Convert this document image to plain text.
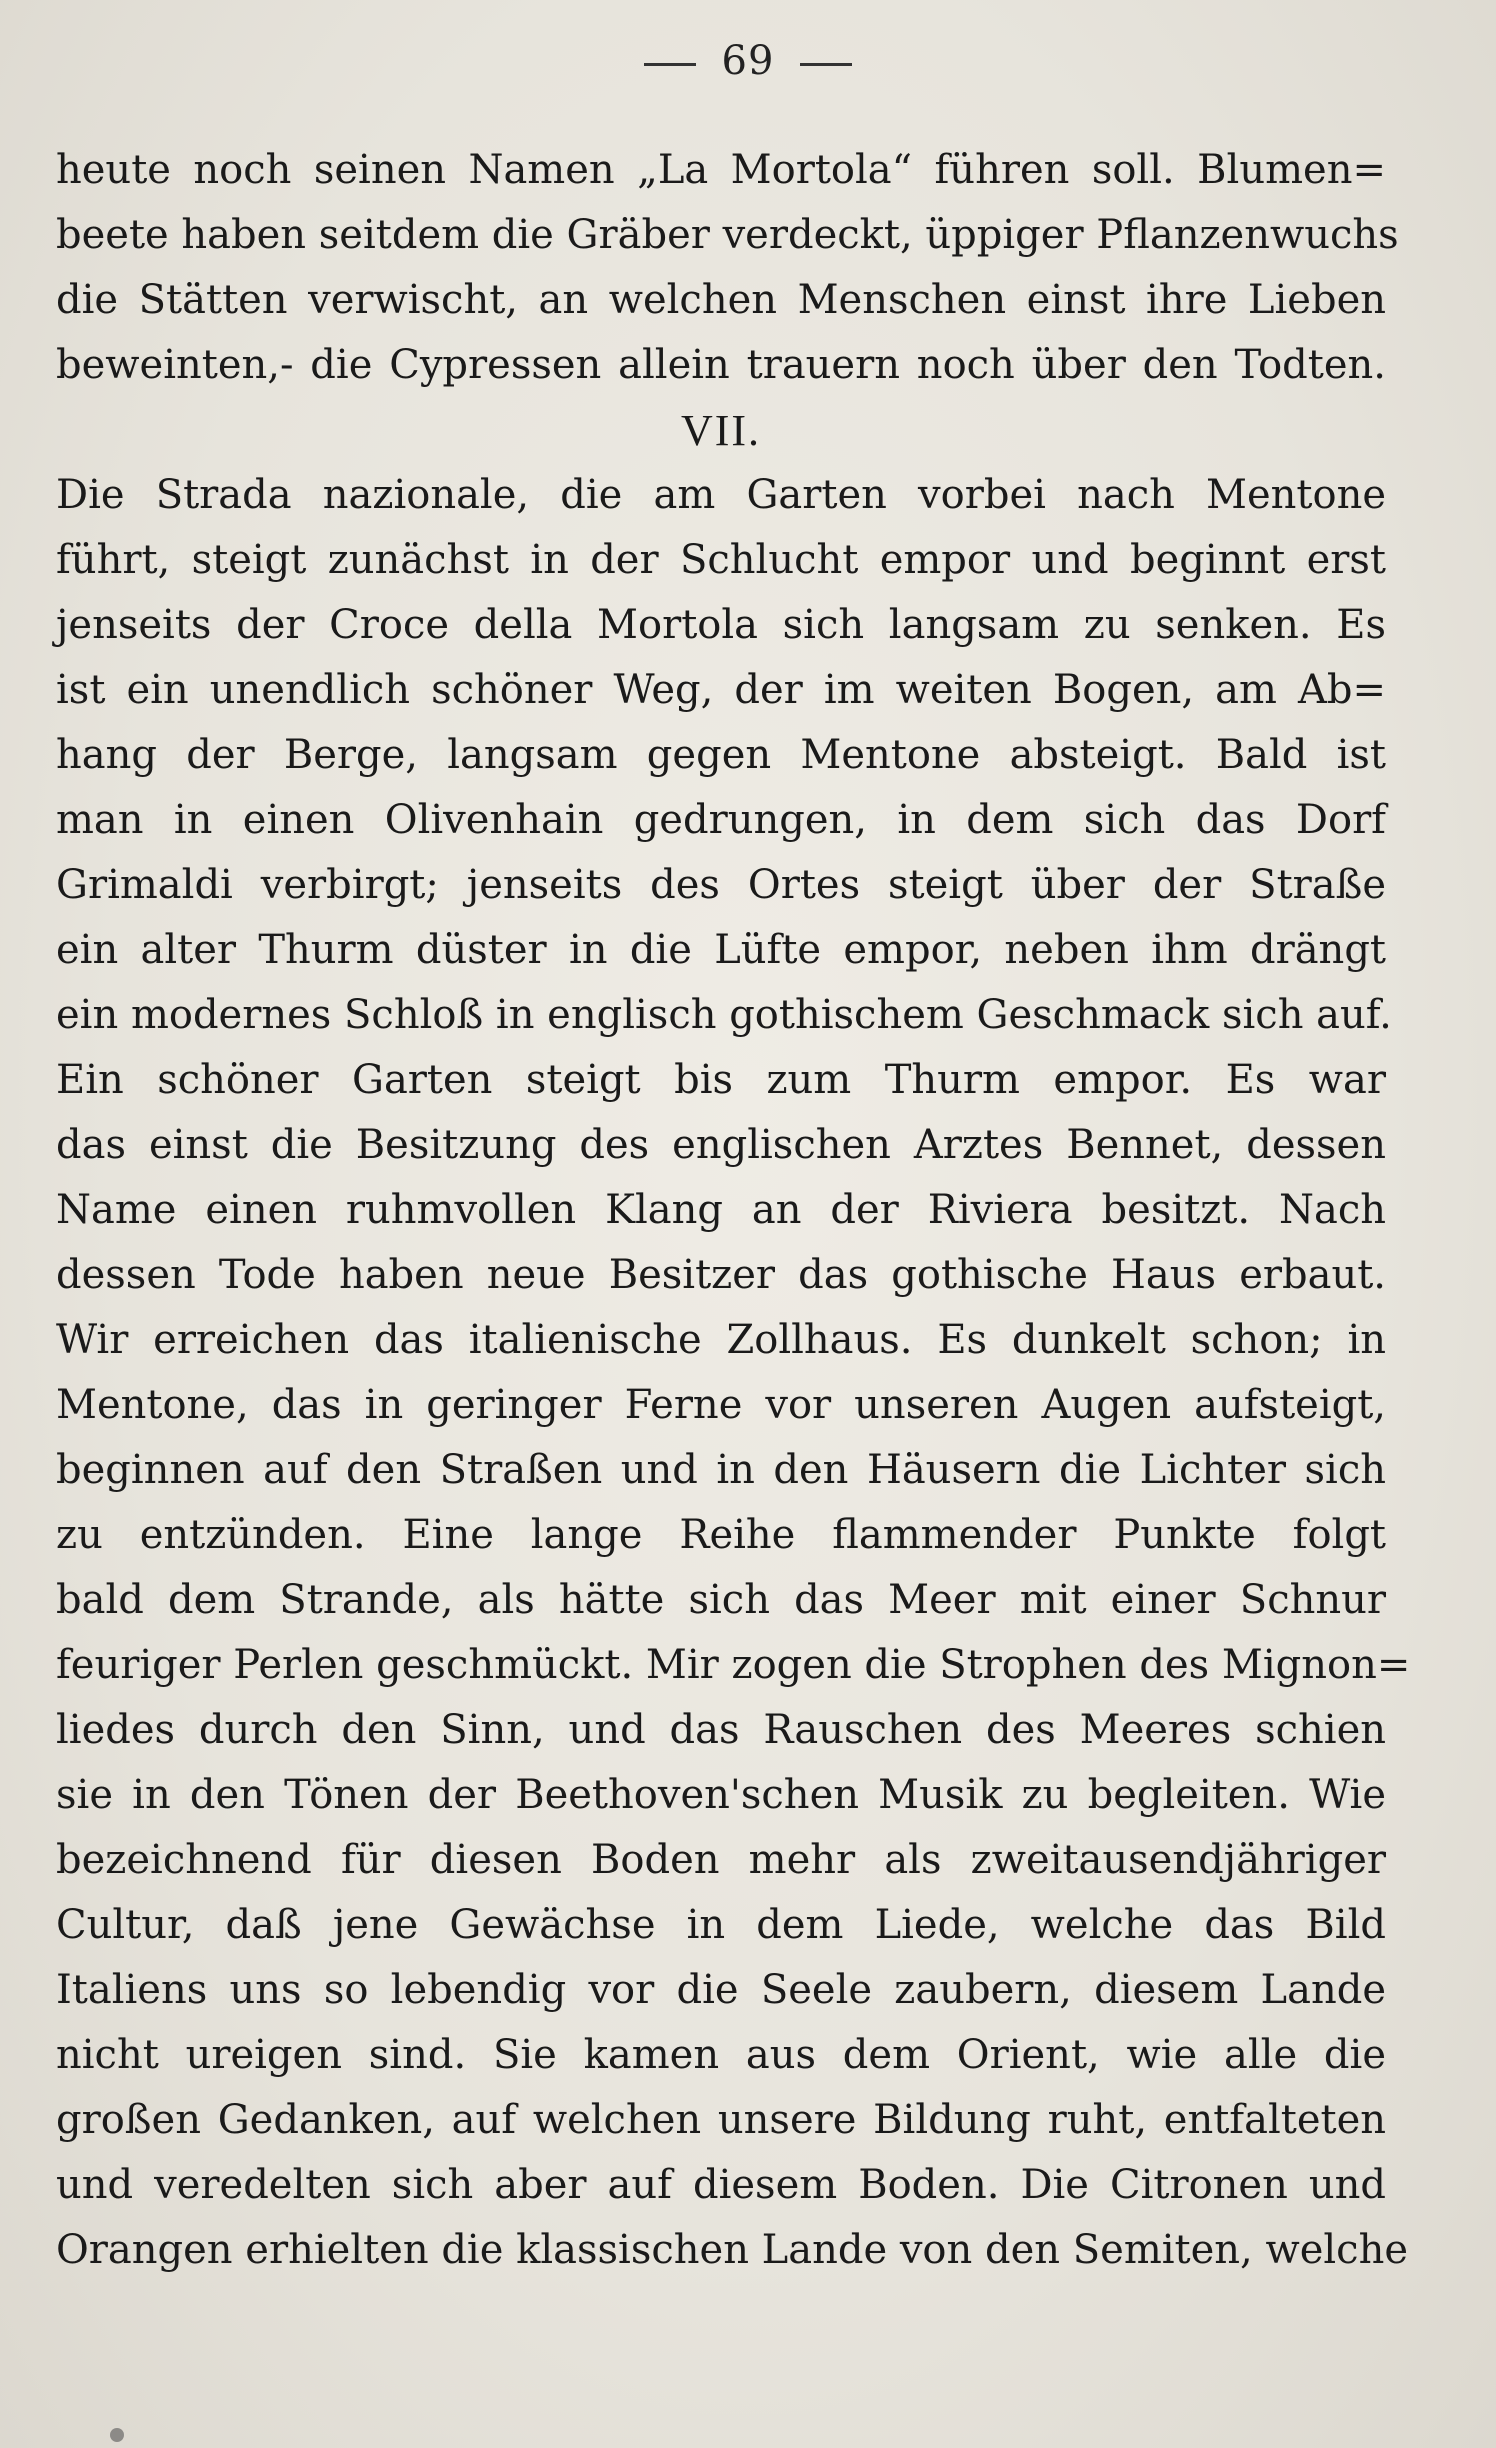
69
heute noch seinen Namen „La Mortola“ führen soll. Blumen=
beete haben seitdem die Gräber verdeckt, üppiger Pflanzenwuchs
die Stätten verwischt, an welchen Menschen einst ihre Lieben
beweinten,- die Cypressen allein trauern noch über den Todten.
VII.
Die Strada nazionale, die am Garten vorbei nach Mentone
führt, steigt zunächst in der Schlucht empor und beginnt erst
jenseits der Croce della Mortola sich langsam zu senken. Es
ist ein unendlich schöner Weg, der im weiten Bogen, am Ab=
hang der Berge, langsam gegen Mentone absteigt. Bald ist
man in einen Olivenhain gedrungen, in dem sich das Dorf
Grimaldi verbirgt; jenseits des Ortes steigt über der Straße
ein alter Thurm düster in die Lüfte empor, neben ihm drängt
ein modernes Schloß in englisch gothischem Geschmack sich auf.
Ein schöner Garten steigt bis zum Thurm empor. Es war
das einst die Besitzung des englischen Arztes Bennet, dessen
Name einen ruhmvollen Klang an der Riviera besitzt. Nach
dessen Tode haben neue Besitzer das gothische Haus erbaut.
Wir erreichen das italienische Zollhaus. Es dunkelt schon; in
Mentone, das in geringer Ferne vor unseren Augen aufsteigt,
beginnen auf den Straßen und in den Häusern die Lichter sich
zu entzünden. Eine lange Reihe flammender Punkte folgt
bald dem Strande, als hätte sich das Meer mit einer Schnur
feuriger Perlen geschmückt. Mir zogen die Strophen des Mignon=
liedes durch den Sinn, und das Rauschen des Meeres schien
sie in den Tönen der Beethoven'schen Musik zu begleiten. Wie
bezeichnend für diesen Boden mehr als zweitausendjähriger
Cultur, daß jene Gewächse in dem Liede, welche das Bild
Italiens uns so lebendig vor die Seele zaubern, diesem Lande
nicht ureigen sind. Sie kamen aus dem Orient, wie alle die
großen Gedanken, auf welchen unsere Bildung ruht, entfalteten
und veredelten sich aber auf diesem Boden. Die Citronen und
Orangen erhielten die klassischen Lande von den Semiten, welche
